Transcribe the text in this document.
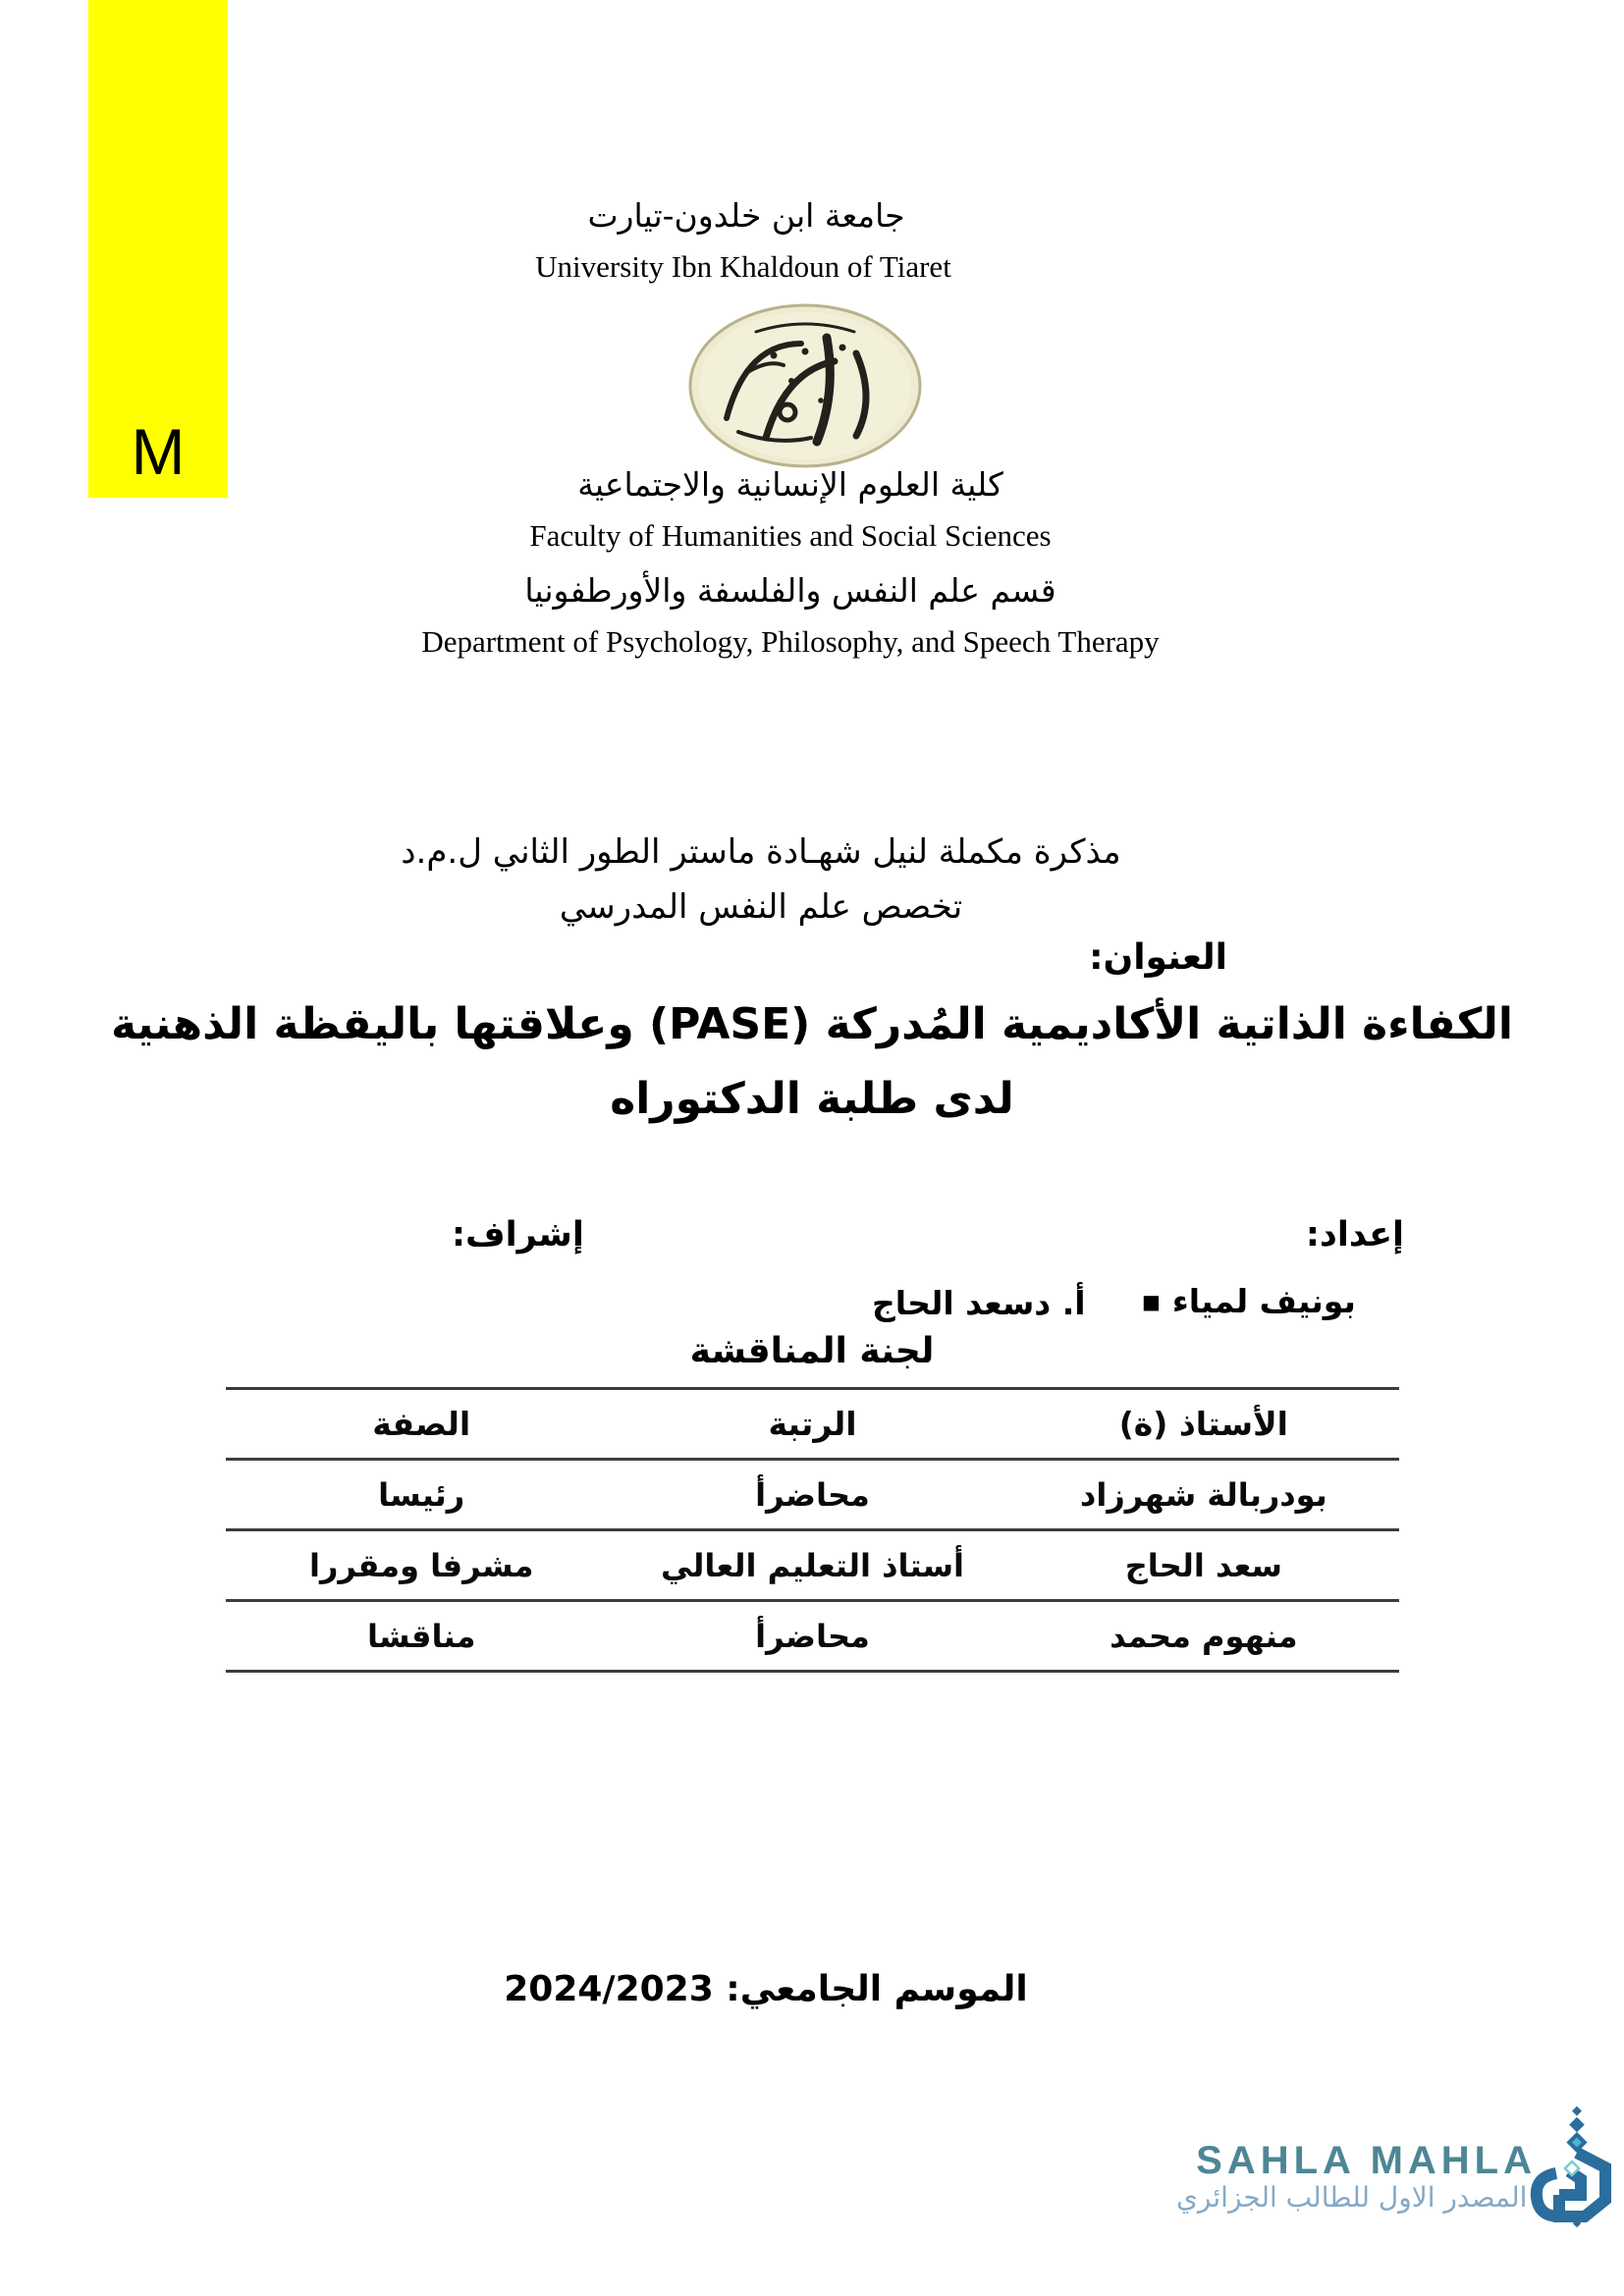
M
جامعة ابن خلدون-تيارت
University Ibn Khaldoun of Tiaret
كلية العلوم الإنسانية والاجتماعية
Faculty of Humanities and Social Sciences
قسم علم النفس والفلسفة والأورطفونيا
Department of Psychology, Philosophy, and Speech Therapy
مذكرة مكملة لنيل شهـادة ماستر الطور الثاني ل.م.د
تخصص علم النفس المدرسي
العنوان:
الكفاءة الذاتية الأكاديمية المُدركة (PASE) وعلاقتها باليقظة الذهنية
لدى طلبة الدكتوراه
إعداد:
إشراف:
■ بونيف لمياء
أ. دسعد الحاج
لجنة المناقشة
الأستاذ (ة)
الرتبة
الصفة
بودربالة شهرزاد
محاضرأ
رئيسا
سعد الحاج
أستاذ التعليم العالي
مشرفا ومقررا
منهوم محمد
محاضرأ
مناقشا
الموسم الجامعي: 2024/2023
SAHLA MAHLA
المصدر الاول للطالب الجزائري
